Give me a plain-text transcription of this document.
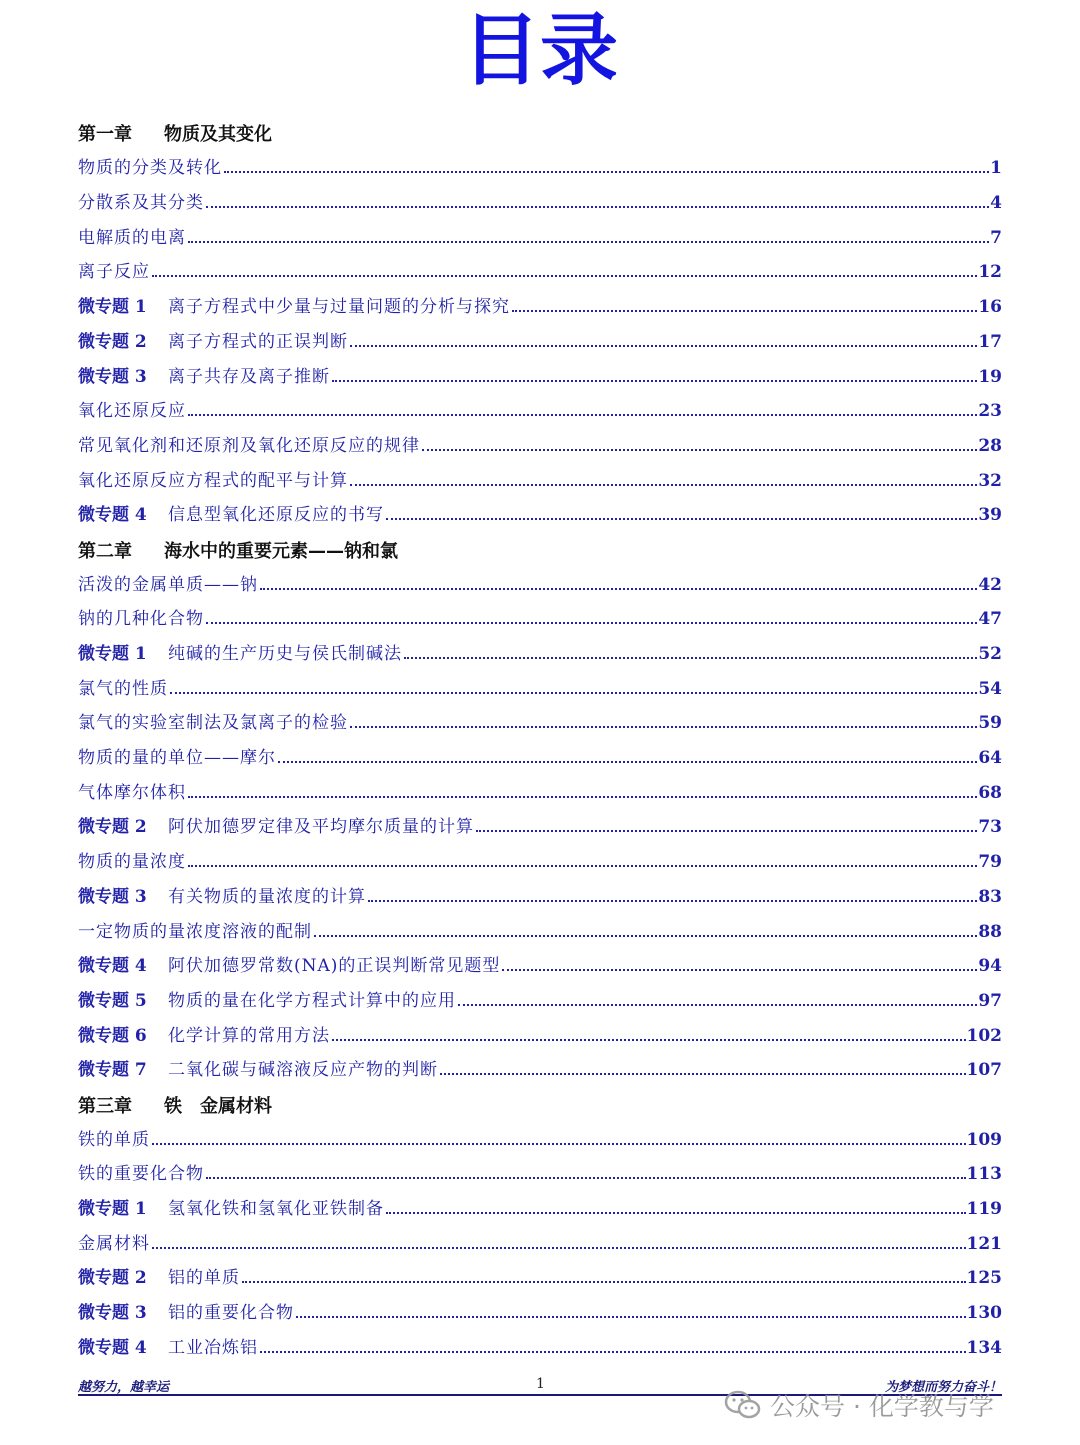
目录
第一章	物质及其变化
物质的分类及转化	1
分散系及其分类	4
电解质的电离	7
离子反应	12
微专题 1	离子方程式中少量与过量问题的分析与探究	16
微专题 2	离子方程式的正误判断	17
微专题 3	离子共存及离子推断	19
氧化还原反应	23
常见氧化剂和还原剂及氧化还原反应的规律	28
氧化还原反应方程式的配平与计算	32
微专题 4	信息型氧化还原反应的书写	39
第二章	海水中的重要元素——钠和氯
活泼的金属单质——钠	42
钠的几种化合物	47
微专题 1	纯碱的生产历史与侯氏制碱法	52
氯气的性质	54
氯气的实验室制法及氯离子的检验	59
物质的量的单位——摩尔	64
气体摩尔体积	68
微专题 2	阿伏加德罗定律及平均摩尔质量的计算	73
物质的量浓度	79
微专题 3	有关物质的量浓度的计算	83
一定物质的量浓度溶液的配制	88
微专题 4	阿伏加德罗常数(NA)的正误判断常见题型	94
微专题 5	物质的量在化学方程式计算中的应用	97
微专题 6	化学计算的常用方法	102
微专题 7	二氧化碳与碱溶液反应产物的判断	107
第三章	铁　金属材料
铁的单质	109
铁的重要化合物	113
微专题 1	氢氧化铁和氢氧化亚铁制备	119
金属材料	121
微专题 2	铝的单质	125
微专题 3	铝的重要化合物	130
微专题 4	工业冶炼铝	134
越努力，越幸运	1	为梦想而努力奋斗！
公众号 · 化学教与学
